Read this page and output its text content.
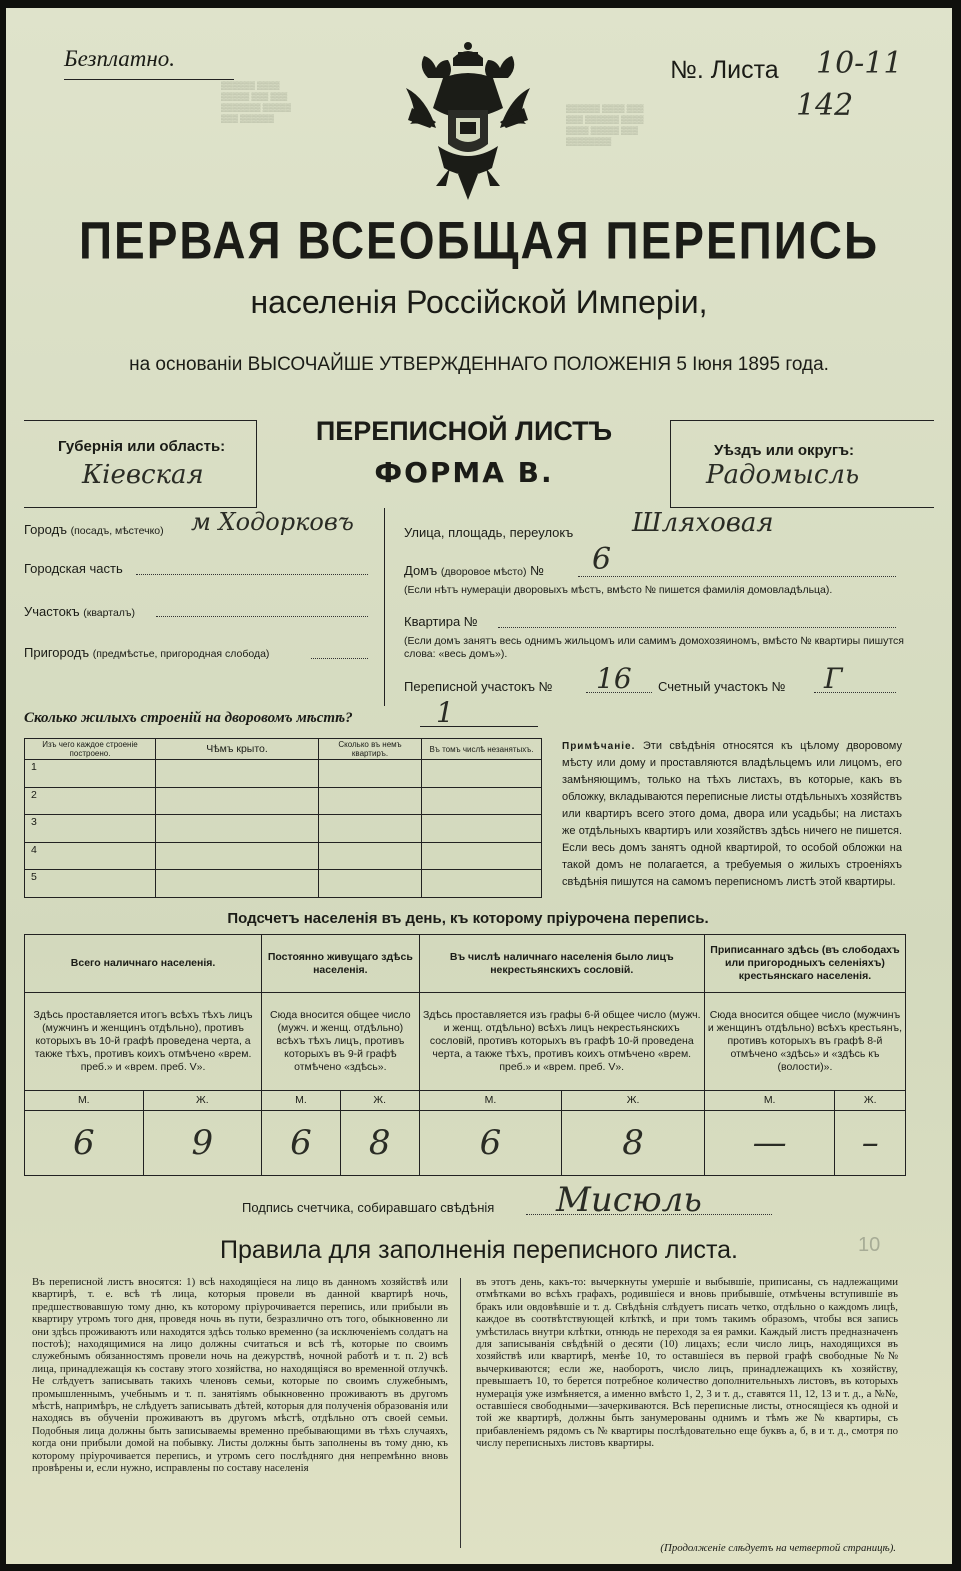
Безплатно.	№. Листа 10-11
142
▒▒▒▒▒▒ ▒▒▒▒
▒▒▒▒▒ ▒▒▒ ▒▒▒
▒▒▒▒▒▒▒ ▒▒▒▒▒
▒▒▒ ▒▒▒▒▒▒
▒▒▒▒▒▒ ▒▒▒▒ ▒▒▒
▒▒▒ ▒▒▒▒▒▒ ▒▒▒▒
▒▒▒▒ ▒▒▒▒▒ ▒▒▒
▒▒▒▒▒▒▒▒
ПЕРВАЯ ВСЕОБЩАЯ ПЕРЕПИСЬ
населенія Россійской Имперіи,
на основаніи ВЫСОЧАЙШЕ УТВЕРЖДЕННАГО ПОЛОЖЕНІЯ 5 Іюня 1895 года.
Губернія или область:
Кіевская
ПЕРЕПИСНОЙ ЛИСТЪ
ФОРМА В.
Уѣздъ или округъ:
Радомысль
Городъ (посадъ, мѣстечко) м Ходорковъ
Городская часть
Участокъ (кварталъ)
Пригородъ (предмѣстье, пригородная слобода)
Улица, площадь, переулокъ Шляховая
Домъ (дворовое мѣсто) № 6
(Если нѣтъ нумерацiи дворовыхъ мѣстъ, вмѣсто № пишется фамилія домовладѣльца).
Квартира №
(Если домъ занятъ весь однимъ жильцомъ или самимъ домохозяиномъ, вмѣсто № квартиры пишутся слова: «весь домъ»).
Переписной участокъ № 16 Счетный участокъ № Г
Сколько жилыхъ строеній на дворовомъ мѣстѣ?	1
Изъ чего каждое строеніе построено.	Чѣмъ крыто.	Сколько въ немъ квартиръ.	Въ томъ числѣ незанятыхъ.
1			
2			
3			
4			
5			
Примѣчаніе. Эти свѣдѣнія относятся къ цѣлому дворовому мѣсту или дому и проставляются владѣльцемъ или лицомъ, его замѣняющимъ, только на тѣхъ листахъ, въ которые, какъ въ обложку, вкладываются переписные листы отдѣльныхъ хозяйствъ или квартиръ всего этого дома, двора или усадьбы; на листахъ же отдѣльныхъ квартиръ или хозяйствъ здѣсь ничего не пишется. Если весь домъ занятъ одной квартирой, то особой обложки на такой домъ не полагается, а требуемыя о жилыхъ строеніяхъ свѣдѣнія пишутся на самомъ переписномъ листѣ этой квартиры.
Подсчетъ населенія въ день, къ которому пріурочена перепись.
Всего наличнаго населенія.		Постоянно живущаго здѣсь населенія.		Въ числѣ наличнаго населенія было лицъ некрестьянскихъ сословій.		Приписаннаго здѣсь (въ слободахъ или пригородныхъ селеніяхъ) крестьянскаго населенія.	
Здѣсь проставляется итогъ всѣхъ тѣхъ лицъ (мужчинъ и женщинъ отдѣльно), противъ которыхъ въ 10-й графѣ проведена черта, а также тѣхъ, противъ коихъ отмѣчено «врем. преб.» и «врем. преб. V».		Сюда вносится общее число (мужч. и женщ. отдѣльно) всѣхъ тѣхъ лицъ, противъ которыхъ въ 9-й графѣ отмѣчено «здѣсь».		Здѣсь проставляется изъ графы 6-й общее число (мужч. и женщ. отдѣльно) всѣхъ лицъ некрестьянскихъ сословій, противъ которыхъ въ графѣ 10-й проведена черта, а также тѣхъ, противъ коихъ отмѣчено «врем. преб.» и «врем. преб. V».		Сюда вносится общее число (мужчинъ и женщинъ отдѣльно) всѣхъ крестьянъ, противъ которыхъ въ графѣ 8-й отмѣчено «здѣсь» и «здѣсь къ (волости)».	
М.	Ж.	М.	Ж.	М.	Ж.	М.	Ж.
6	9	6	8	6	8	—	–
Подпись счетчика, собиравшаго свѣдѣнія Мисюль
Правила для заполненія переписного листа.	10
Въ переписной листъ вносятся: 1) всѣ находящіеся на лицо въ данномъ хозяйствѣ или квартирѣ, т. е. всѣ тѣ лица, которыя провели въ данной квартирѣ ночь, предшествовавшую тому дню, къ которому пріурочивается перепись, или прибыли въ квартиру утромъ того дня, проведя ночь въ пути, безразлично отъ того, обыкновенно ли они здѣсь проживаютъ или находятся здѣсь только временно (за исключеніемъ солдатъ на постоѣ); находящимися на лицо должны считаться и всѣ тѣ, которые по своимъ служебнымъ обязанностямъ провели ночь на дежурствѣ, ночной работѣ и т. п. 2) всѣ лица, принадлежащія къ составу этого хозяйства, но находящіяся во временной отлучкѣ. Не слѣдуетъ записывать такихъ членовъ семьи, которые по своимъ служебнымъ, промышленнымъ, учебнымъ и т. п. занятіямъ обыкновенно проживаютъ въ другомъ мѣстѣ, напримѣръ, не слѣдуетъ записывать дѣтей, которыя для полученія образованія или находясь въ обученіи проживаютъ въ другомъ мѣстѣ, отдѣльно отъ своей семьи. Подобныя лица должны быть записываемы временно пребывающими въ тѣхъ случаяхъ, когда они прибыли домой на побывку. Листы должны быть заполнены въ тому дню, къ которому пріурочивается перепись, и утромъ сего послѣдняго дня непремѣнно вновь провѣрены и, если нужно, исправлены по составу населенія
въ этотъ день, какъ-то: вычеркнуты умершіе и выбывшіе, приписаны, съ надлежащими отмѣтками во всѣхъ графахъ, родившіеся и вновь прибывшіе, отмѣчены вступившіе въ бракъ или овдовѣвшіе и т. д. Свѣдѣнія слѣдуетъ писать четко, отдѣльно о каждомъ лицѣ, каждое въ соотвѣтствующей клѣткѣ, и при томъ такимъ образомъ, чтобы вся запись умѣстилась внутри клѣтки, отнюдь не переходя за ея рамки. Каждый листъ предназначенъ для записыванія свѣдѣній о десяти (10) лицахъ; если число лицъ, находящихся въ хозяйствѣ или квартирѣ, менѣе 10, то оставшіеся въ первой графѣ свободные №№ вычеркиваются; если же, наоборотъ, число лицъ, принадлежащихъ къ хозяйству, превышаетъ 10, то берется потребное количество дополнительныхъ листовъ, въ которыхъ нумерація уже измѣняется, а именно вмѣсто 1, 2, 3 и т. д., ставятся 11, 12, 13 и т. д., а №№, оставшіеся свободными—зачеркиваются. Всѣ переписные листы, относящіеся къ одной и той же квартирѣ, должны быть занумерованы однимъ и тѣмъ же № квартиры, съ прибавленіемъ рядомъ съ № квартиры послѣдовательно еще буквъ а, б, в и т. д., смотря по числу переписныхъ листовъ квартиры.
(Продолженіе слѣдуетъ на четвертой страницѣ).
